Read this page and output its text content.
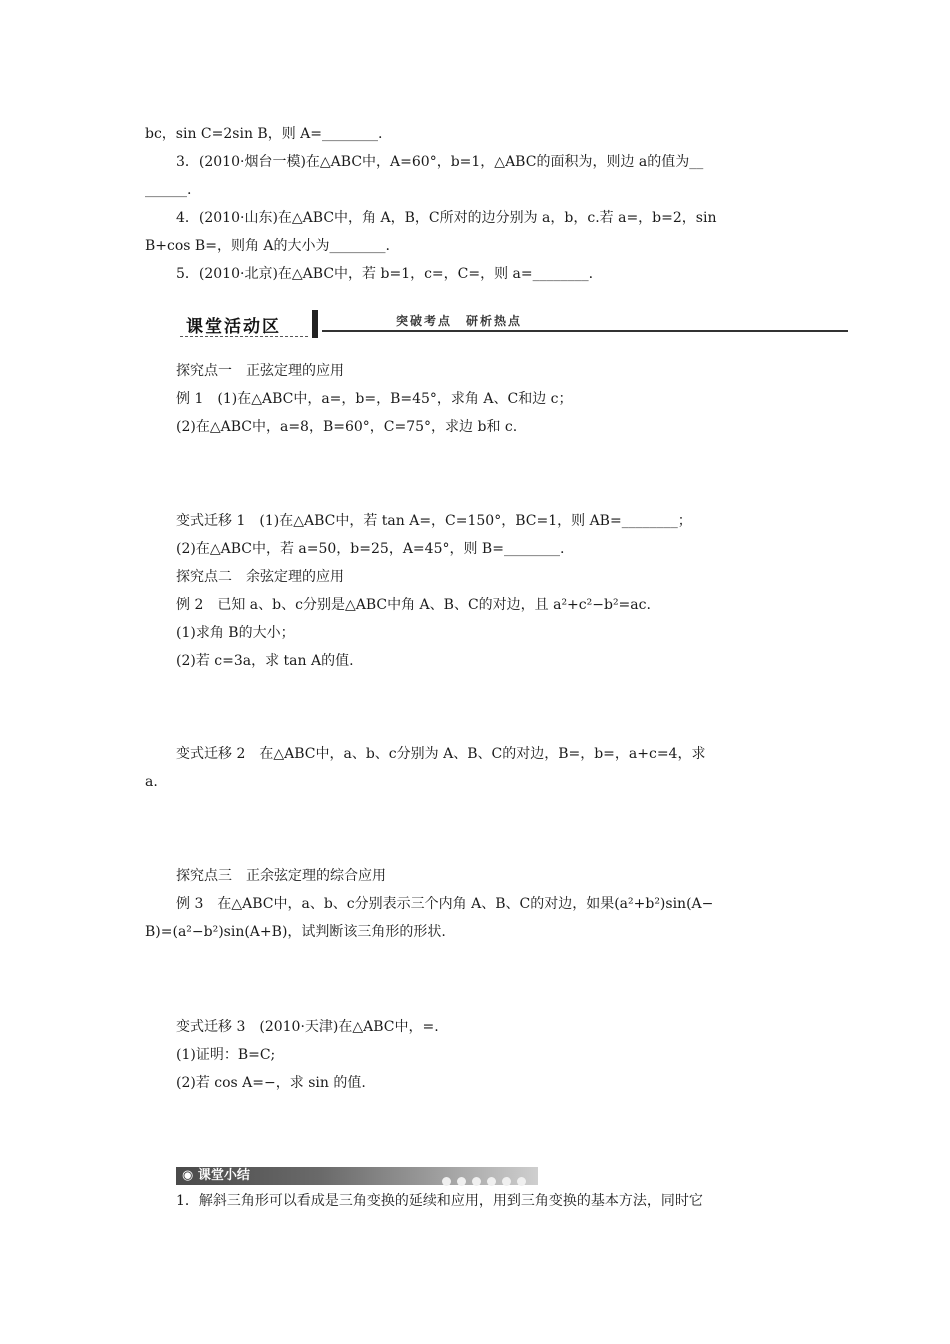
bc，sin C=2sin B，则 A=________.
3．(2010·烟台一模)在△ABC中，A=60°，b=1，△ABC的面积为，则边 a的值为__
______.
4．(2010·山东)在△ABC中，角 A，B，C所对的边分别为 a，b，c.若 a=，b=2，sin
B+cos B=，则角 A的大小为________.
5．(2010·北京)在△ABC中，若 b=1，c=，C=，则 a=________.
课堂活动区	突破考点　研析热点
探究点一　正弦定理的应用
例 1　(1)在△ABC中，a=，b=，B=45°，求角 A、C和边 c；
(2)在△ABC中，a=8，B=60°，C=75°，求边 b和 c.
变式迁移 1　(1)在△ABC中，若 tan A=，C=150°，BC=1，则 AB=________；
(2)在△ABC中，若 a=50，b=25，A=45°，则 B=________.
探究点二　余弦定理的应用
例 2　已知 a、b、c分别是△ABC中角 A、B、C的对边，且 a²+c²−b²=ac.
(1)求角 B的大小；
(2)若 c=3a，求 tan A的值.
变式迁移 2　在△ABC中，a、b、c分别为 A、B、C的对边，B=，b=，a+c=4，求
a.
探究点三　正余弦定理的综合应用
例 3　在△ABC中，a、b、c分别表示三个内角 A、B、C的对边，如果(a²+b²)sin(A−
B)=(a²−b²)sin(A+B)，试判断该三角形的形状.
变式迁移 3　(2010·天津)在△ABC中，=.
(1)证明：B=C;
(2)若 cos A=−，求 sin 的值.
◉ 课堂小结
1．解斜三角形可以看成是三角变换的延续和应用，用到三角变换的基本方法，同时它
